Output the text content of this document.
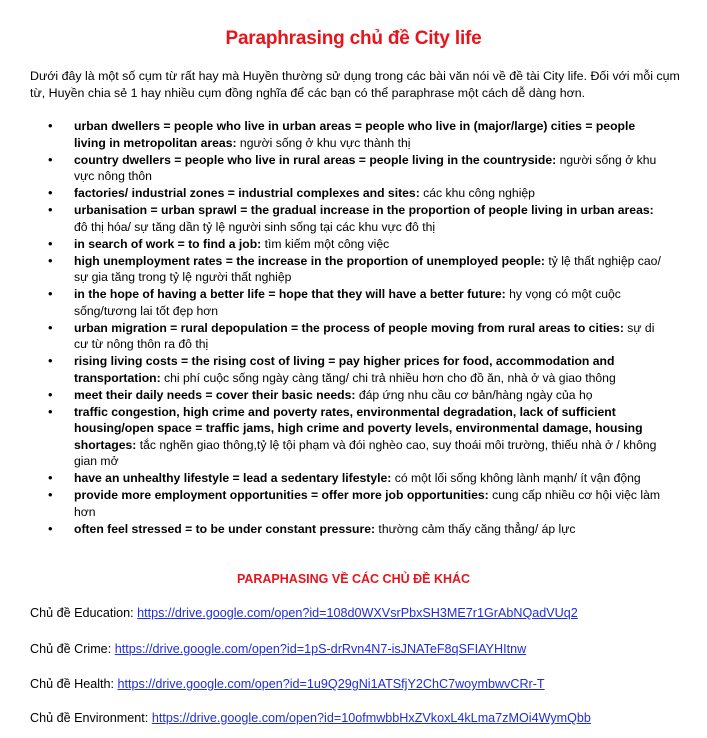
Paraphrasing chủ đề City life
Dưới đây là một số cụm từ rất hay mà Huyền thường sử dụng trong các bài văn nói về đề tài City life. Đối với mỗi cụm từ, Huyền chia sẻ 1 hay nhiều cụm đồng nghĩa để các bạn có thể paraphrase một cách dễ dàng hơn.
• urban dwellers = people who live in urban areas = people who live in (major/large) cities = people living in metropolitan areas: người sống ở khu vực thành thị
• country dwellers = people who live in rural areas = people living in the countryside: người sống ở khu vực nông thôn
• factories/ industrial zones = industrial complexes and sites: các khu công nghiệp
• urbanisation = urban sprawl = the gradual increase in the proportion of people living in urban areas: đô thị hóa/ sự tăng dần tỷ lệ người sinh sống tại các khu vực đô thị
• in search of work = to find a job: tìm kiếm một công việc
• high unemployment rates = the increase in the proportion of unemployed people: tỷ lệ thất nghiệp cao/ sự gia tăng trong tỷ lệ người thất nghiệp
• in the hope of having a better life = hope that they will have a better future: hy vọng có một cuộc sống/tương lai tốt đẹp hơn
• urban migration = rural depopulation = the process of people moving from rural areas to cities: sự di cư từ nông thôn ra đô thị
• rising living costs = the rising cost of living = pay higher prices for food, accommodation and transportation: chi phí cuộc sống ngày càng tăng/ chi trả nhiều hơn cho đồ ăn, nhà ở và giao thông
• meet their daily needs = cover their basic needs: đáp ứng nhu cầu cơ bản/hàng ngày của họ
• traffic congestion, high crime and poverty rates, environmental degradation, lack of sufficient housing/open space = traffic jams, high crime and poverty levels, environmental damage, housing shortages: tắc nghẽn giao thông,tỷ lệ tội phạm và đói nghèo cao, suy thoái môi trường, thiếu nhà ở / không gian mở
• have an unhealthy lifestyle = lead a sedentary lifestyle: có một lối sống không lành mạnh/ ít vận động
• provide more employment opportunities = offer more job opportunities: cung cấp nhiều cơ hội việc làm hơn
• often feel stressed = to be under constant pressure: thường cảm thấy căng thẳng/ áp lực
PARAPHASING VỀ CÁC CHỦ ĐỀ KHÁC
Chủ đề Education: https://drive.google.com/open?id=108d0WXVsrPbxSH3ME7r1GrAbNQadVUq2
Chủ đề Crime: https://drive.google.com/open?id=1pS-drRvn4N7-isJNATeF8qSFIAYHItnw
Chủ đề Health: https://drive.google.com/open?id=1u9Q29gNi1ATSfjY2ChC7woymbwvCRr-T
Chủ đề Environment: https://drive.google.com/open?id=10ofmwbbHxZVkoxL4kLma7zMOi4WymQbb
